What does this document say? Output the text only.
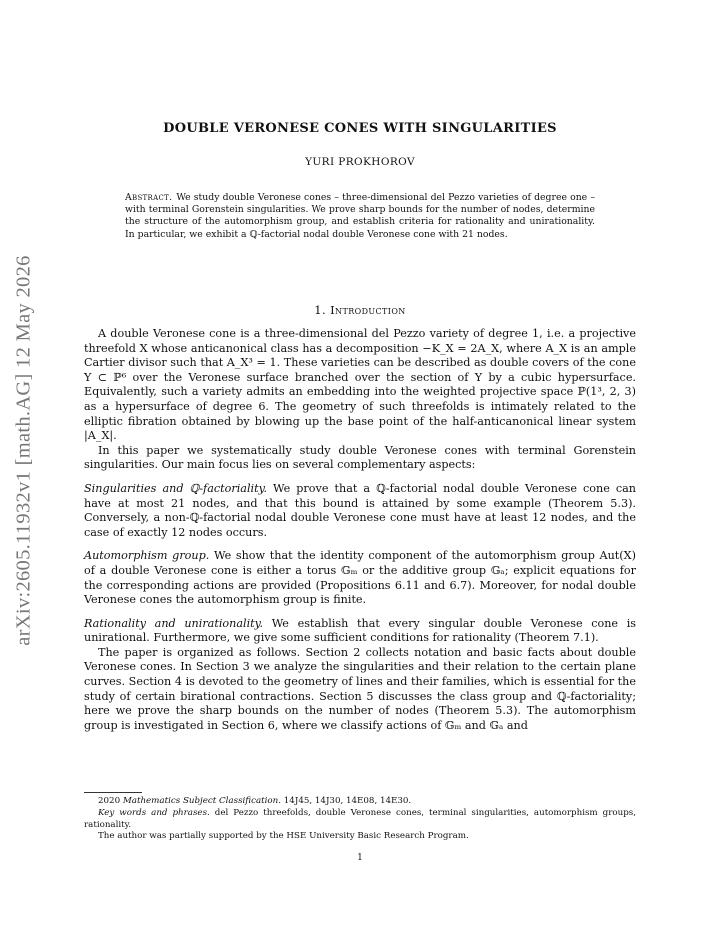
arXiv:2605.11932v1 [math.AG] 12 May 2026
DOUBLE VERONESE CONES WITH SINGULARITIES
YURI PROKHOROV
Abstract. We study double Veronese cones – three-dimensional del Pezzo varieties of degree one – with terminal Gorenstein singularities. We prove sharp bounds for the number of nodes, determine the structure of the automorphism group, and establish criteria for rationality and unirationality. In particular, we exhibit a ℚ-factorial nodal double Veronese cone with 21 nodes.
1. Introduction

A double Veronese cone is a three-dimensional del Pezzo variety of degree 1, i.e. a projective threefold X whose anticanonical class has a decomposition −K_X = 2A_X, where A_X is an ample Cartier divisor such that A_X³ = 1. These varieties can be described as double covers of the cone Y ⊂ ℙ⁶ over the Veronese surface branched over the section of Y by a cubic hypersurface. Equivalently, such a variety admits an embedding into the weighted projective space ℙ(1³, 2, 3) as a hypersurface of degree 6. The geometry of such threefolds is intimately related to the elliptic fibration obtained by blowing up the base point of the half-anticanonical linear system |A_X|.

In this paper we systematically study double Veronese cones with terminal Gorenstein singularities. Our main focus lies on several complementary aspects:

Singularities and ℚ-factoriality. We prove that a ℚ-factorial nodal double Veronese cone can have at most 21 nodes, and that this bound is attained by some example (Theorem 5.3). Conversely, a non-ℚ-factorial nodal double Veronese cone must have at least 12 nodes, and the case of exactly 12 nodes occurs.

Automorphism group. We show that the identity component of the automorphism group Aut(X) of a double Veronese cone is either a torus 𝔾ₘ or the additive group 𝔾ₐ; explicit equations for the corresponding actions are provided (Propositions 6.11 and 6.7). Moreover, for nodal double Veronese cones the automorphism group is finite.

Rationality and unirationality. We establish that every singular double Veronese cone is unirational. Furthermore, we give some sufficient conditions for rationality (Theorem 7.1).

The paper is organized as follows. Section 2 collects notation and basic facts about double Veronese cones. In Section 3 we analyze the singularities and their relation to the certain plane curves. Section 4 is devoted to the geometry of lines and their families, which is essential for the study of certain birational contractions. Section 5 discusses the class group and ℚ-factoriality; here we prove the sharp bounds on the number of nodes (Theorem 5.3). The automorphism group is investigated in Section 6, where we classify actions of 𝔾ₘ and 𝔾ₐ and

2020 Mathematics Subject Classification. 14J45, 14J30, 14E08, 14E30.

Key words and phrases. del Pezzo threefolds, double Veronese cones, terminal singularities, automorphism groups, rationality.

The author was partially supported by the HSE University Basic Research Program.

1
